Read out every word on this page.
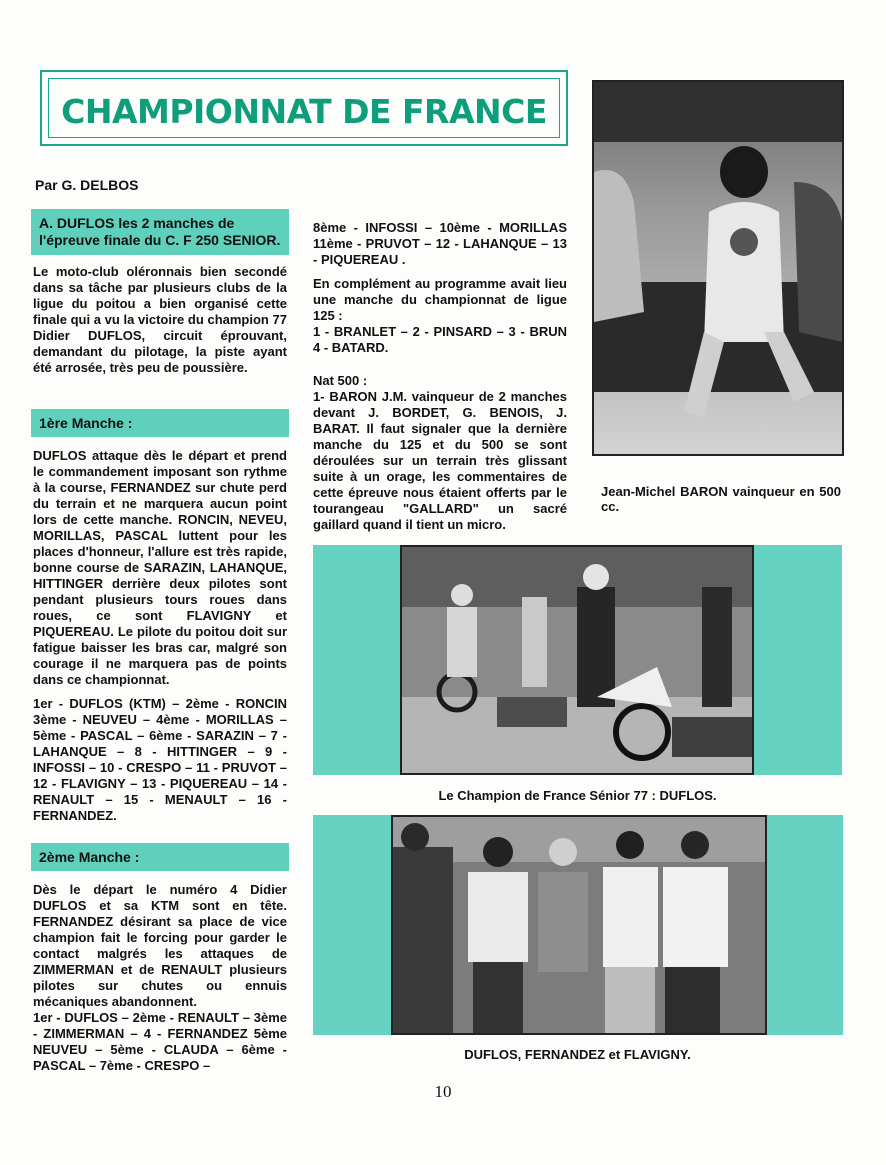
CHAMPIONNAT DE FRANCE
Par G. DELBOS
A. DUFLOS les 2 manches de l'épreuve finale du C. F 250 SENIOR.
Le moto-club oléronnais bien secondé dans sa tâche par plusieurs clubs de la ligue du poitou a bien organisé cette finale qui a vu la victoire du champion 77 Didier DUFLOS, circuit éprouvant, demandant du pilotage, la piste ayant été arrosée, très peu de poussière.
1ère Manche :
DUFLOS attaque dès le départ et prend le commandement imposant son rythme à la course, FERNANDEZ sur chute perd du terrain et ne marquera aucun point lors de cette manche. RONCIN, NEVEU, MORILLAS, PASCAL luttent pour les places d'honneur, l'allure est très rapide, bonne course de SARAZIN, LAHANQUE, HITTINGER derrière deux pilotes sont pendant plusieurs tours roues dans roues, ce sont FLAVIGNY et PIQUEREAU. Le pilote du poitou doit sur fatigue baisser les bras car, malgré son courage il ne marquera pas de points dans ce championnat.
1er - DUFLOS (KTM) – 2ème - RONCIN 3ème - NEUVEU – 4ème - MORILLAS – 5ème - PASCAL – 6ème - SARAZIN – 7 - LAHANQUE – 8 - HITTINGER – 9 - INFOSSI – 10 - CRESPO – 11 - PRUVOT – 12 - FLAVIGNY – 13 - PIQUEREAU – 14 - RENAULT – 15 - MENAULT – 16 - FERNANDEZ.
2ème Manche :
Dès le départ le numéro 4 Didier DUFLOS et sa KTM sont en tête. FERNANDEZ désirant sa place de vice champion fait le forcing pour garder le contact malgrés les attaques de ZIMMERMAN et de RENAULT plusieurs pilotes sur chutes ou ennuis mécaniques abandonnent.
1er - DUFLOS – 2ème - RENAULT – 3ème - ZIMMERMAN – 4 - FERNANDEZ 5ème NEUVEU – 5ème - CLAUDA – 6ème - PASCAL – 7ème - CRESPO –
8ème - INFOSSI – 10ème - MORILLAS 11ème - PRUVOT – 12 - LAHANQUE – 13 - PIQUEREAU .
En complément au programme avait lieu une manche du championnat de ligue 125 :
1 - BRANLET – 2 - PINSARD – 3 - BRUN 4 - BATARD.
Nat 500 :
1- BARON J.M. vainqueur de 2 manches devant J. BORDET, G. BENOIS, J. BARAT. Il faut signaler que la dernière manche du 125 et du 500 se sont déroulées sur un terrain très glissant suite à un orage, les commentaires de cette épreuve nous étaient offerts par le tourangeau "GALLARD" un sacré gaillard quand il tient un micro.
Jean-Michel BARON vainqueur en 500 cc.
Le Champion de France Sénior 77 : DUFLOS.
DUFLOS, FERNANDEZ et FLAVIGNY.
10
